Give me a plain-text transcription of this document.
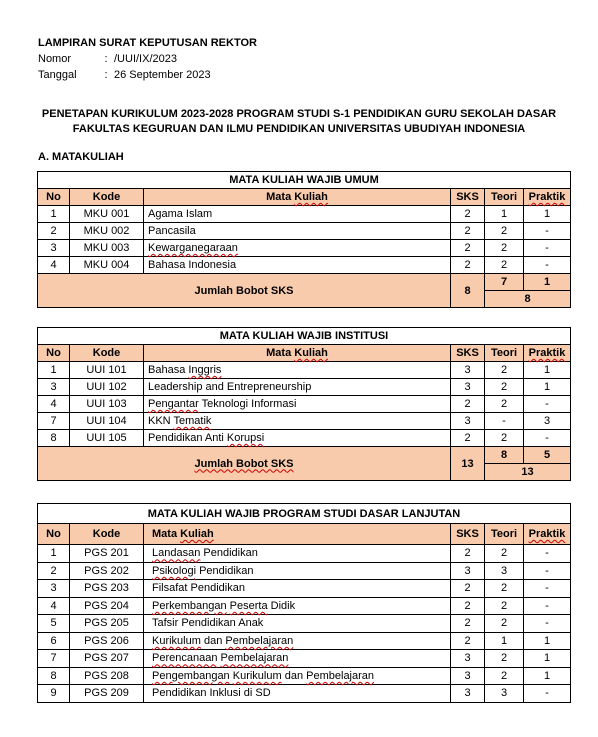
LAMPIRAN SURAT KEPUTUSAN REKTOR
Nomor	: /UUI/IX/2023
Tanggal	: 26 September 2023
PENETAPAN KURIKULUM 2023-2028 PROGRAM STUDI S-1 PENDIDIKAN GURU SEKOLAH DASAR
FAKULTAS KEGURUAN DAN ILMU PENDIDIKAN UNIVERSITAS UBUDIYAH INDONESIA
A. MATAKULIAH
MATA KULIAH WAJIB UMUM					
No	Kode	Mata Kuliah	SKS	Teori	Praktik
1	MKU 001	Agama Islam	2	1	1
2	MKU 002	Pancasila	2	2	-
3	MKU 003	Kewarganegaraan	2	2	-
4	MKU 004	Bahasa Indonesia	2	2	-
Jumlah Bobot SKS			8	7	1
				8	
MATA KULIAH WAJIB INSTITUSI					
No	Kode	Mata Kuliah	SKS	Teori	Praktik
1	UUI 101	Bahasa Inggris	3	2	1
3	UUI 102	Leadership and Entrepreneurship	3	2	1
4	UUI 103	Pengantar Teknologi Informasi	2	2	-
7	UUI 104	KKN Tematik	3	-	3
8	UUI 105	Pendidikan Anti Korupsi	2	2	-
Jumlah Bobot SKS			13	8	5
				13	
MATA KULIAH WAJIB PROGRAM STUDI DASAR LANJUTAN					
No	Kode	Mata Kuliah	SKS	Teori	Praktik
1	PGS 201	Landasan Pendidikan	2	2	-
2	PGS 202	Psikologi Pendidikan	3	3	-
3	PGS 203	Filsafat Pendidikan	2	2	-
4	PGS 204	Perkembangan Peserta Didik	2	2	-
5	PGS 205	Tafsir Pendidikan Anak	2	2	-
6	PGS 206	Kurikulum dan Pembelajaran	2	1	1
7	PGS 207	Perencanaan Pembelajaran	3	2	1
8	PGS 208	Pengembangan Kurikulum dan Pembelajaran	3	2	1
9	PGS 209	Pendidikan Inklusi di SD	3	3	-
